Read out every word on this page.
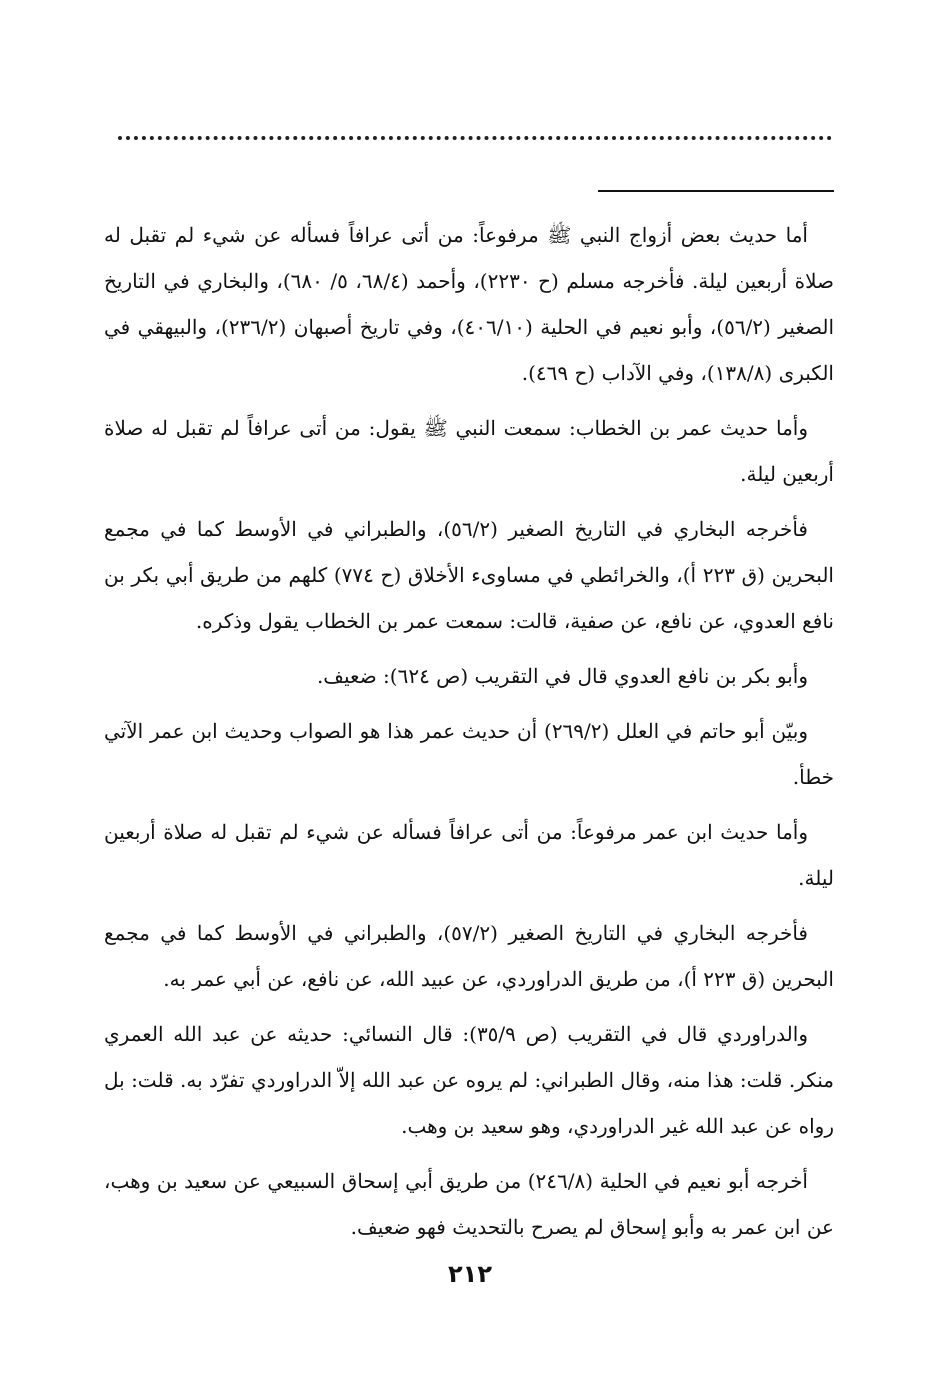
أما حديث بعض أزواج النبي ﷺ مرفوعاً: من أتى عرافاً فسأله عن شيء لم تقبل له صلاة أربعين ليلة. فأخرجه مسلم (ح ٢٢٣٠)، وأحمد (٦٨/٤، ٥/ ٦٨٠)، والبخاري في التاريخ الصغير (٥٦/٢)، وأبو نعيم في الحلية (٤٠٦/١٠)، وفي تاريخ أصبهان (٢٣٦/٢)، والبيهقي في الكبرى (١٣٨/٨)، وفي الآداب (ح ٤٦٩).

وأما حديث عمر بن الخطاب: سمعت النبي ﷺ يقول: من أتى عرافاً لم تقبل له صلاة أربعين ليلة.

فأخرجه البخاري في التاريخ الصغير (٥٦/٢)، والطبراني في الأوسط كما في مجمع البحرين (ق ٢٢٣ أ)، والخرائطي في مساوىء الأخلاق (ح ٧٧٤) كلهم من طريق أبي بكر بن نافع العدوي، عن نافع، عن صفية، قالت: سمعت عمر بن الخطاب يقول وذكره.

وأبو بكر بن نافع العدوي قال في التقريب (ص ٦٢٤): ضعيف.

وبيّن أبو حاتم في العلل (٢٦٩/٢) أن حديث عمر هذا هو الصواب وحديث ابن عمر الآتي خطأ.

وأما حديث ابن عمر مرفوعاً: من أتى عرافاً فسأله عن شيء لم تقبل له صلاة أربعين ليلة.

فأخرجه البخاري في التاريخ الصغير (٥٧/٢)، والطبراني في الأوسط كما في مجمع البحرين (ق ٢٢٣ أ)، من طريق الدراوردي، عن عبيد الله، عن نافع، عن أبي عمر به.

والدراوردي قال في التقريب (ص ٣٥/٩): قال النسائي: حديثه عن عبد الله العمري منكر. قلت: هذا منه، وقال الطبراني: لم يروه عن عبد الله إلاّ الدراوردي تفرّد به. قلت: بل رواه عن عبد الله غير الدراوردي، وهو سعيد بن وهب.

أخرجه أبو نعيم في الحلية (٢٤٦/٨) من طريق أبي إسحاق السبيعي عن سعيد بن وهب، عن ابن عمر به وأبو إسحاق لم يصرح بالتحديث فهو ضعيف.

٢١٢
